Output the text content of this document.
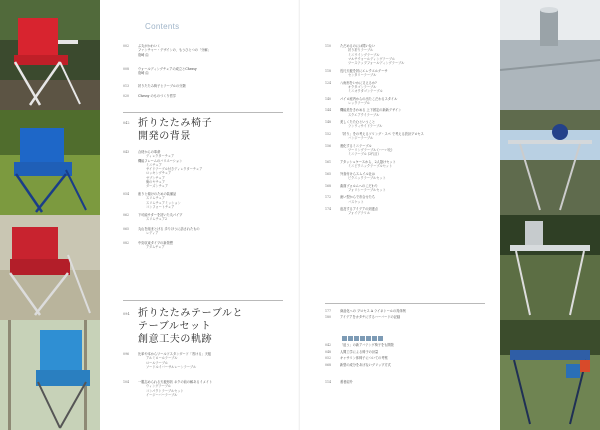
Contents
002	ぶ丸がかわいく
ファンチャー・デザインの、もうひとつの「分解」
島崎 由
008	ウォールディングチェアの成立とChessy
島崎 由
013	折りたたみ椅子とテーブルの分類
020	Chessy のものづくり哲学
042 折りたたみ椅子
開発の背景
043	合材からの革命
ディレクターチェア
機能フレームのバリエーション
ミニチェア
サイドテーブル付きディレクターチェア
ロッキングチェア
ゼブンチェア
俺のヤチェア
ダーズンチェア
054	座りと傾けのための装備品
スリムチェア
スリムチェアミッション
コンフォートチェア
062	下可能サターを初いた丸パイプ
スリムチェア2
065	丸山を組まとげる 歩りほうに訪されたもの
レディア
082	中央収束タイプの新発想
アダムチェア
094 折りたたみテーブルと
テーブルセット
創意工夫の軌跡
096	比率や本からワールドスタンダード「巻ける」天板
アルミロールテーブル
ロールテーブル
ソードルイバーサルレーンテーブル
104	一服忘められる天板形状 ネクの前の解あるイメイト
ウィングテーブル
コンパクトテーブルセット
イージーバーテーブル
110	ただめるのには問いない
折り折りテーブル
ミニウイングテーブル
マルチウォールディングテーブル
ツーステップフォールディングテーブル
118	長尺天板を折にエレクエルゲーサ
センタリーテーブル
124	八角形をいかに又えるか?
オクタゴンテーブル
ミニオクタゴンテーブル
140	パイロ庭内からの出たこだわるスタイル
レックテーブル
144	機能美をきわめる 上下固定の新新デザイン
スクエアクイテーブル
148	美しくたたむということ
ランウィサイドテーブル
152	「折り」をの考えるソリング・スペ で考える設計プロセス
バンジーテーブル
156	連化するミニテーブル
ツーリングテーブル (ハーパ化)
ミニテーブル (2代目)
161	アタッシュケースから、2人掛けセット
ミニピクニックテーブルセット
165	外食付けらスムイル社は
ピクニックテーブルセット
168	曲面ブォルムへのこだわり
フォリシーテーブルセット
172	流い型からで市合せたち
バスケット
174	追及するアイデアの到達点
フォイデテリル
177	商品化への プロセス A ライネトールの具体例
180	アイデアをカタチにするハーバードの記録
042	「追う」の新アバテング椅子をも開発
048	人間工学による椅子の計量
052	キャサリン体椅子についての考察
068	新型の成分をあげないグリップ方式
114	著者紹介
